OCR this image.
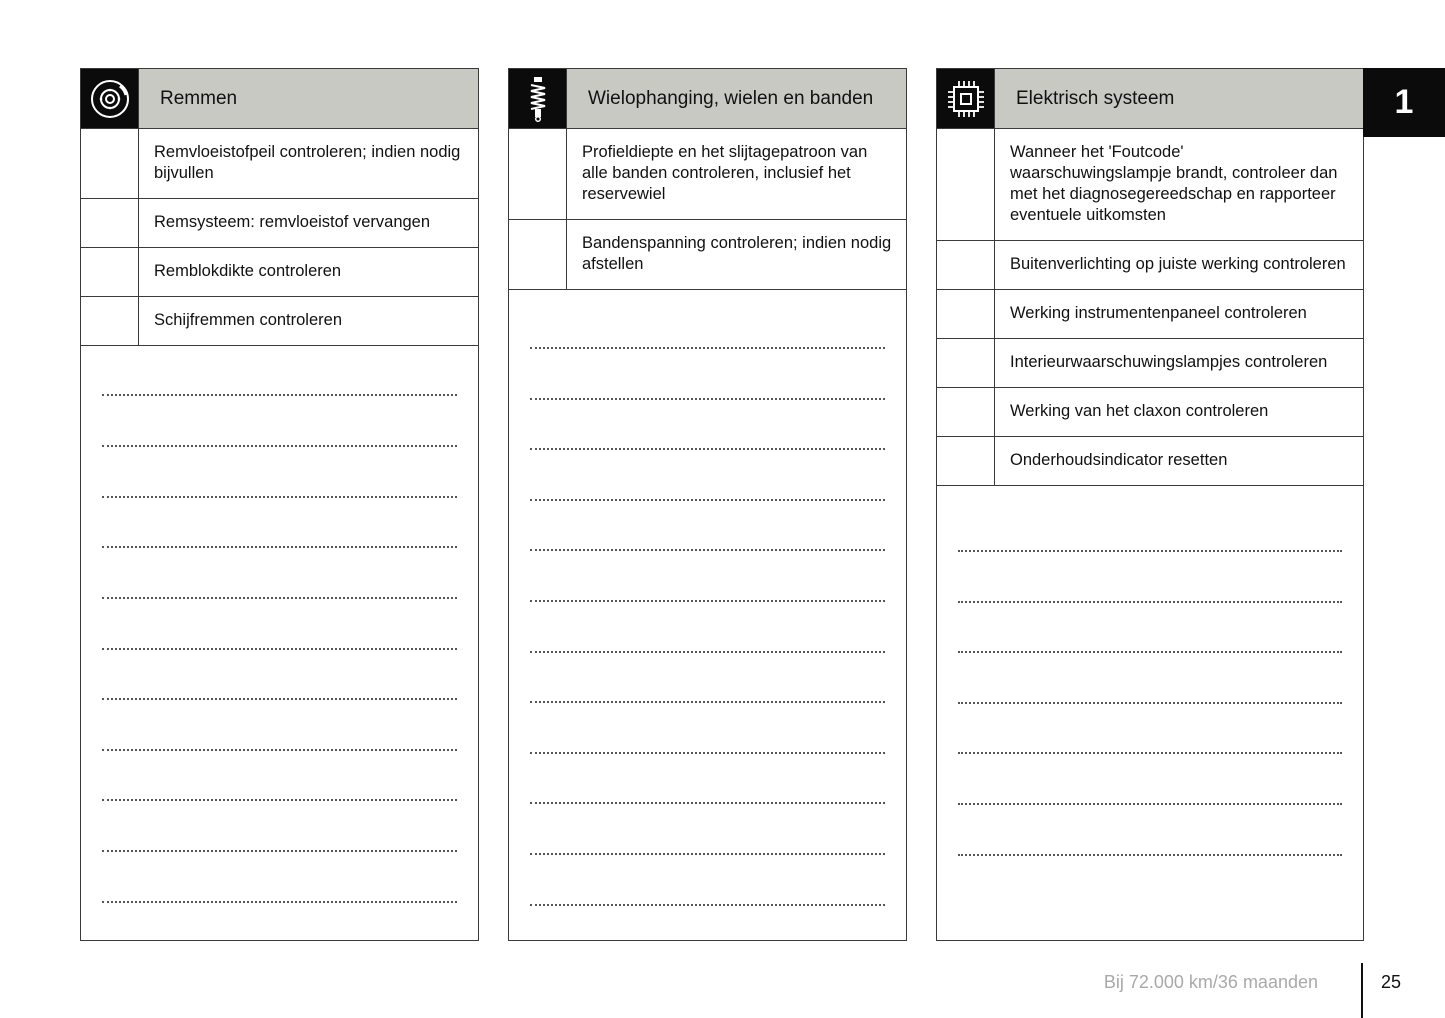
Remmen
Remvloeistofpeil controleren; indien nodig bijvullen
Remsysteem: remvloeistof vervangen
Remblokdikte controleren
Schijfremmen controleren
Wielophanging, wielen en banden
Profieldiepte en het slijtagepatroon van alle banden controleren, inclusief het reservewiel
Bandenspanning controleren; indien nodig afstellen
Elektrisch systeem
Wanneer het 'Foutcode' waarschuwingslampje brandt, controleer dan met het diagnosegereedschap en rapporteer eventuele uitkomsten
Buitenverlichting op juiste werking controleren
Werking instrumentenpaneel controleren
Interieurwaarschuwingslampjes controleren
Werking van het claxon controleren
Onderhoudsindicator resetten
1
Bij 72.000 km/36 maanden	25
